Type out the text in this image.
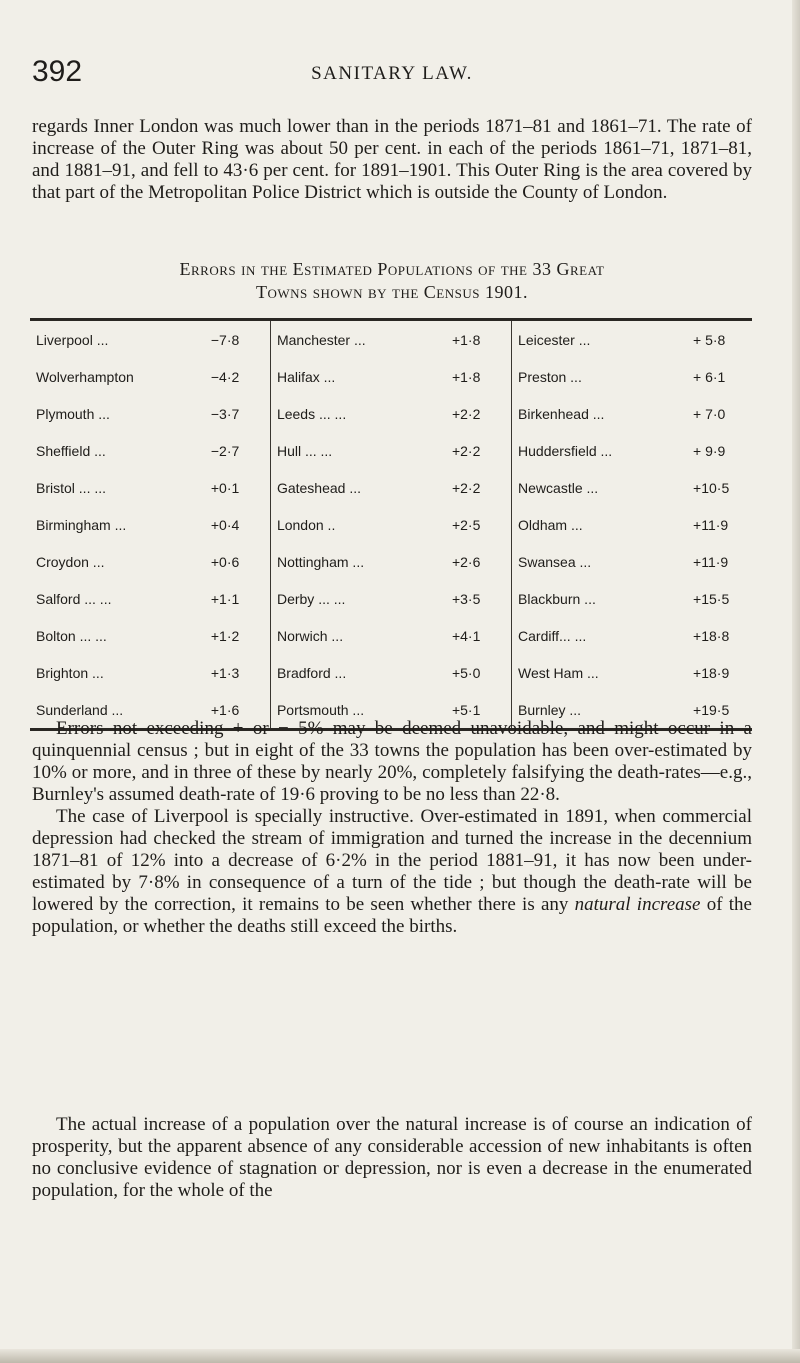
392	SANITARY LAW.

regards Inner London was much lower than in the periods 1871–81 and 1861–71. The rate of increase of the Outer Ring was about 50 per cent. in each of the periods 1861–71, 1871–81, and 1881–91, and fell to 43·6 per cent. for 1891–1901. This Outer Ring is the area covered by that part of the Metropolitan Police District which is outside the County of London.

Errors in the Estimated Populations of the 33 Great
Towns shown by the Census 1901.
Liverpool ...	−7·8	Manchester ...	+1·8	Leicester ...	+ 5·8
Wolverhampton	−4·2	Halifax ...	+1·8	Preston ...	+ 6·1
Plymouth ...	−3·7	Leeds ... ...	+2·2	Birkenhead ...	+ 7·0
Sheffield ...	−2·7	Hull ... ...	+2·2	Huddersfield ...	+ 9·9
Bristol ... ...	+0·1	Gateshead ...	+2·2	Newcastle ...	+10·5
Birmingham ...	+0·4	London ..	+2·5	Oldham ...	+11·9
Croydon ...	+0·6	Nottingham ...	+2·6	Swansea ...	+11·9
Salford ... ...	+1·1	Derby ... ...	+3·5	Blackburn ...	+15·5
Bolton ... ...	+1·2	Norwich ...	+4·1	Cardiff... ...	+18·8
Brighton ...	+1·3	Bradford ...	+5·0	West Ham ...	+18·9
Sunderland ...	+1·6	Portsmouth ...	+5·1	Burnley ...	+19·5

Errors not exceeding + or − 5% may be deemed unavoidable, and might occur in a quinquennial census ; but in eight of the 33 towns the population has been over-estimated by 10% or more, and in three of these by nearly 20%, completely falsifying the death-rates—e.g., Burnley's assumed death-rate of 19·6 proving to be no less than 22·8.

The case of Liverpool is specially instructive. Over-estimated in 1891, when commercial depression had checked the stream of immigration and turned the increase in the decennium 1871–81 of 12% into a decrease of 6·2% in the period 1881–91, it has now been under-estimated by 7·8% in consequence of a turn of the tide ; but though the death-rate will be lowered by the correction, it remains to be seen whether there is any natural increase of the population, or whether the deaths still exceed the births.

The actual increase of a population over the natural increase is of course an indication of prosperity, but the apparent absence of any considerable accession of new inhabitants is often no conclusive evidence of stagnation or depression, nor is even a decrease in the enumerated population, for the whole of the
